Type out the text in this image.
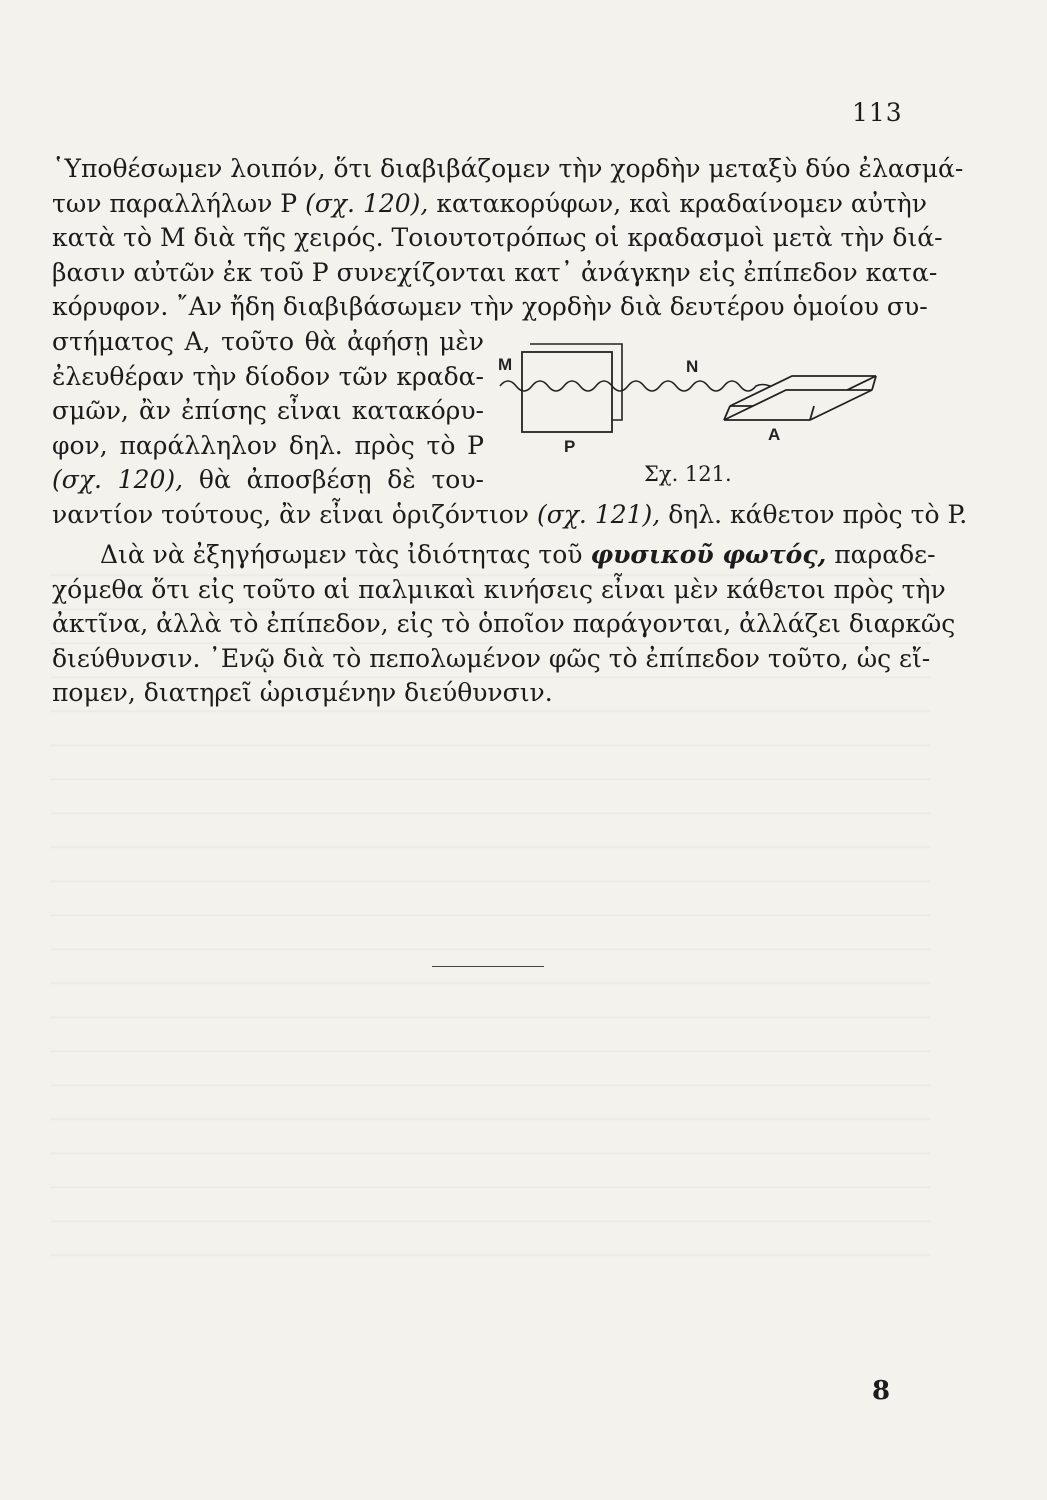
113
῾Υποθέσωμεν λοιπόν, ὅτι διαβιβάζομεν τὴν χορδὴν μεταξὺ δύο ἐλασμά-
των παραλλήλων P (σχ. 120), κατακορύφων, καὶ κραδαίνομεν αὐτὴν
κατὰ τὸ M διὰ τῆς χειρός. Τοιουτοτρόπως οἱ κραδασμοὶ μετὰ τὴν διά-
βασιν αὐτῶν ἐκ τοῦ P συνεχίζονται κατ᾽ ἀνάγκην εἰς ἐπίπεδον κατα-
κόρυφον. ῎Αν ἤδη διαβιβάσωμεν τὴν χορδὴν διὰ δευτέρου ὁμοίου συ-
στήματος A, τοῦτο θὰ ἀφήσῃ μὲν
ἐλευθέραν τὴν δίοδον τῶν κραδα-
σμῶν, ἂν ἐπίσης εἶναι κατακόρυ-
φον, παράλληλον δηλ. πρὸς τὸ P
(σχ. 120), θὰ ἀποσβέσῃ δὲ του-
ναντίον τούτους, ἂν εἶναι ὁριζόντιον (σχ. 121), δηλ. κάθετον πρὸς τὸ P.
M	N
P
A
Σχ. 121.
Διὰ νὰ ἐξηγήσωμεν τὰς ἰδιότητας τοῦ φυσικοῦ φωτός, παραδε-
χόμεθα ὅτι εἰς τοῦτο αἱ παλμικαὶ κινήσεις εἶναι μὲν κάθετοι πρὸς τὴν
ἀκτῖνα, ἀλλὰ τὸ ἐπίπεδον, εἰς τὸ ὁποῖον παράγονται, ἀλλάζει διαρκῶς
διεύθυνσιν. ᾿Ενῷ διὰ τὸ πεπολωμένον φῶς τὸ ἐπίπεδον τοῦτο, ὡς εἴ-
πομεν, διατηρεῖ ὡρισμένην διεύθυνσιν.
8
